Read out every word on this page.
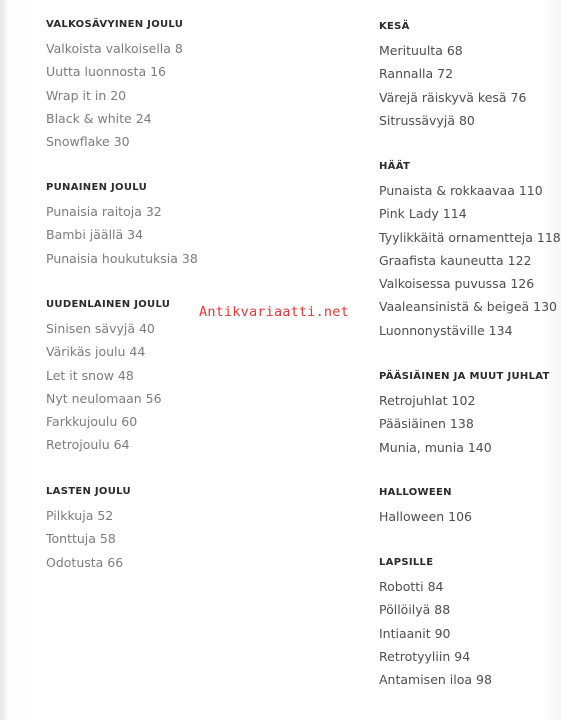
VALKOSÄVYINEN JOULU
Valkoista valkoisella 8
Uutta luonnosta 16
Wrap it in 20
Black & white 24
Snowflake 30
PUNAINEN JOULU
Punaisia raitoja 32
Bambi jäällä 34
Punaisia houkutuksia 38
UUDENLAINEN JOULU
Sinisen sävyjä 40
Värikäs joulu 44
Let it snow 48
Nyt neulomaan 56
Farkkujoulu 60
Retrojoulu 64
LASTEN JOULU
Pilkkuja 52
Tonttuja 58
Odotusta 66
KESÄ
Merituulta 68
Rannalla 72
Värejä räiskyvä kesä 76
Sitrussävyjä 80
HÄÄT
Punaista & rokkaavaa 110
Pink Lady 114
Tyylikkäitä ornamentteja 118
Graafista kauneutta 122
Valkoisessa puvussa 126
Vaaleansinistä & beigeä 130
Luonnonystäville 134
PÄÄSIÄINEN JA MUUT JUHLAT
Retrojuhlat 102
Pääsiäinen 138
Munia, munia 140
HALLOWEEN
Halloween 106
LAPSILLE
Robotti 84
Pöllöilyä 88
Intiaanit 90
Retrotyyliin 94
Antamisen iloa 98
Antikvariaatti.net
